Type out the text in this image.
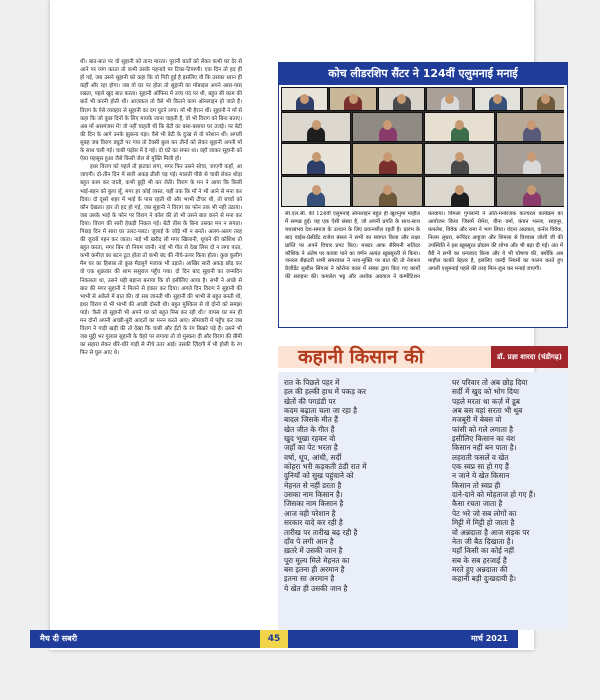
थी। बात-बात पर वो सुहानी को ताना मारता। पुरानी बातों को लेकर कभी घर देर से आने पर व्यंग करता तो कभी उसके पहनावे पर टिका-टिप्पणी। एक दिन तो हद ही हो गई, जब उसने सुहानी को कहा कि वो गिरी हुई है इसलिए वौ कि उसका ध्यान ही कहीं और रहा होगा। जब वो घर पर होता तो सुहानी का मोबाइल अपने आस-पास रखता, पहले खुद बात करता। सुहानी ऑफिस में उच्च पद पर थी, बहुत सी काम की बातें भी करनी होती थी। आजकल तो वैसे भी कितने काम ऑनलाइन हो जाते हैं। विराग के ऐसे व्यवहार से सुहानी का दम घुटने लगा। माँ भी हैरान थीं। सुहानी ने माँ से कहा कि जो कुछ दिनों के लिए मायके जाना चाहती है, वो भी विराग को बिना बताए। अब माँ असमंजस में! वो नहीं चाहती थी कि बेटी का बसा-बसाया घर उजड़े। पर बेटी की दिन के आगे उनके झुकना पड़ा। वैसे भी बेटी के दुःख से वो परेशान थीं। अगली सुबह जब विराग ड्यूटी पर गया तो टैक्सी बुला कर तीनों को लेकर सुहानी अपनी माँ के साथ चली गई। चाबी पड़ोस में दे गई। दो घंटे का सफर था। वहाँ जाकर सुहानी को ऐसा महसूस हुआ जैसे किसी जेल से मुक्ति मिली हो।

इधर विराग को पहले तो झटका लगा, मगर फिर उसने सोचा, जाएगी कहाँ, आ जाएगी। दो-तीन दिन में सारी अकड़ ढीली पड़ गई। मालती पीछे से चाबी लेकर थोड़ा बहुत काम कर जाती, कभी छुट्टी भी कर लेती। विराग के मन ने आया कि किसी भाई-बहन को बुला लूँ, मगर हर कोई व्यस्त, यहीं तक कि माँ ने भी आने से मना कर दिया। दो दूसरे शहर में भाई के पास रहती थी और भाभी टीचर थी, तो बच्चों को कौन देखता। हार तो हद हो गई, जब सुहानी ने विराग का फोन तक भी नहीं उठाया। जब उसके भाई के फोन पर विराग ने कॉल की तो भी उसने बात करने से मना कर दिया। विराग की सारी हेकड़ी निकल गई। बेटी तीस के बिना उसका मन न लगता। पिछड़ दिन में सारा घर उलट-पलट। जुलाई के जोड़े भी न बनते। अलग-अलग तरह की जुराबें पहन कर जाता। नाई भी खरीद ली मगर खिलानी, धूपाने की कोशिश तो बहुत करता, मगर बिन वो नियम जानी। नाई भी गीत से देख लिस दो न लगा पाता, कभी कमीज़ का बटन टूटा होता तो कभी बंद की नीचे-ऊपर किया होता। कुछ कुलीग मैम घर का हिसाब तो कुछ मैडलुगे मजाक भी उड़ाते। आखिर सारी अकड़ छोड़ कर वो एक शुक्रवार की शाम ससुराल पहुँच गया। दो दिन बाद सुहानी का जन्मदिन निकलता था, उसने यही बहाना बनाया कि वो इसीलिए आया है। सभी ने अच्छे से बात की मगर सुहानी ने मिलने से इंकार कर दिया। अगले दिन विराग ने सुहानी की भाभी से अकेले में बात की। वो सब जानती थीं। सुहानी की भाभी से बहुत बनती थी, इधर विराग से भी भाभी की अच्छी दोस्ती थी। बहुत मुश्किल से वो दोनों को समझा पाई। 'कैसे तो सुहानी भी अपने घर को बहुत मिस कर रही थी।' वापस घर मन ही मन दोनों अपनी अच्छी-बुरी आदतों का मनन करते आए। सोमवारी में पहुँच कर जब विराग ने गाड़ी खड़ी की तो देखा कि चाबी और ईंटों के रंग बिखरे पड़े हैं। उसने भी जब मुट्ठी भर गुलाल सुहानी के चेहरे पर लगाया तो वो मुस्करा दी और विराग की बीमी का सहारा लेकर धीरे-धीरे गाड़ी से नीचे उतर आई। उसकी ज़िंदगी में भी होली के रंग फिर से घुल आए थे।

कोच लीडरशिप सैंटर ने 124वीं एलुमनाई मनाई
सी.एल.सी. की 124वीं एलुमनाई ऑनलाइन बहुत ही खुशनुमा माहौल में सम्पन्न हुई। यह एक ऐसी संस्था है, जो अपनी प्रगति के साथ-साथ यथासंभव देश-समाज के उत्थान के लिए प्रयत्नशील रहती है। प्रारंभ के बाद वाईस-प्रेसीडेंट राजेश बंसल ने सभी का स्वागत किया और लक्ष्य प्राप्ति पर अपने विचार प्रगट किए। मास्टर आफ सैरिमनी सतिंदर कौशिक ने अंतेष पर कब्जा पाने का वर्णन अत्यंत खूबसूरती से किया। जनरल सैक्रटरी रश्मी समरवाल ने नशा-मुक्ति पर बात की तो नेशनल प्रैज़ीडेंट सुशील सिंगला ने कोरोना काल में संस्था द्वारा किए गए कार्यों की सराहना की। कमलेश भट्ट और अशोक अग्रवाल ने कंम्पीटिशन करवाया। विमला गुगलानी ने अति-मनोरंजक कल्चरल कार्यक्रम का आयोजन किया जिसमें रोमेश, वीना वर्मा, कंचन भल्ला, साहनूर, कमलेश, विवेक और रामा ने भाग लिया। वंदना अग्रवाल, कर्नल विवेक, निलम लूथरा, रूपिंदर आहूजा और शिमला से विश्वास जोशी जी की उपस्थिति ने इस खूबसूरत प्रोग्राम की शोभा और भी बढ़ा दी गई। अंत में वैरी ने सभी का धन्यवाद किया और ये भी घोषणा की, क्योंकि अब माहौल काफ़ी बेहतर है, इसलिए जल्दी नियमों का पालन करते हुए अगली एलुमनाई पहले की तरह मिल-जुल कर मनाई जाएगी।
कहानी किसान की	डॉ. प्रज्ञा शारदा (चंडीगढ़)
रात के पिछले पहर में
हल की हल्की हाथ में पकड़ कर
खेतों की पगडंडी पर
कदम बढ़ाता चला जा रहा है
बादल जिसके मीत हैं
खेत जीत के गीत हैं
खुद भूखा रहकर वो
जहाँ का पेट भरता है
वर्षा, धूप, आंधी, सर्दी
कोहरा भरी कड़कती ठंडी रात में
दुनियाँ को सुख पहुंचाने को
मेहनत से नहीं डरता है
उसका नाम किसान है।
जिसका नाम किसान है
आज वही परेशान है
सरकार वादे कर रही है
तारीख पर तारीख बढ़ रही है
दाँव पे लगी आन है
ख़तरे में उसकी जान है
पूरा मूल्य मिले मेहनत का
बस इतना ही अरमान है
इतना सा अरमान है
ये खेत ही उसकी जान है
घर परिवार तो अब छोड़ दिया
सर्दी में खुद को भोग दिया
पहले मरता था कर्ज़ में डूब
अब बस यहां सरता भी थूब
मजबूरी में बेबस वो
फांसी को गले लगाता है
इसीलिए किसान का वंश
किसान नहीं बन पाता है।
लहराती फसलें व खेत
एक स्वप्न सा हो गए हैं
न जाने ये खेत किसान
किसान तो स्वप्न ही
दाने-दाने को मोहताज हो गए हैं।
कैसा रचता जाता है
पेट भरे जो सब लोगों का
मिट्टी में मिट्टी हो जाता है
वो अन्नदाता है आज सड़क पर
नेता जी बैठ दिखाता है।
यहाँ किसी का कोई नहीं
सब के सब हरजाई हैं
मरते हुए अन्नदाता की
कहानी बड़ी दुःखदायी है।
मैच दी सबरी	45	मार्च 2021
